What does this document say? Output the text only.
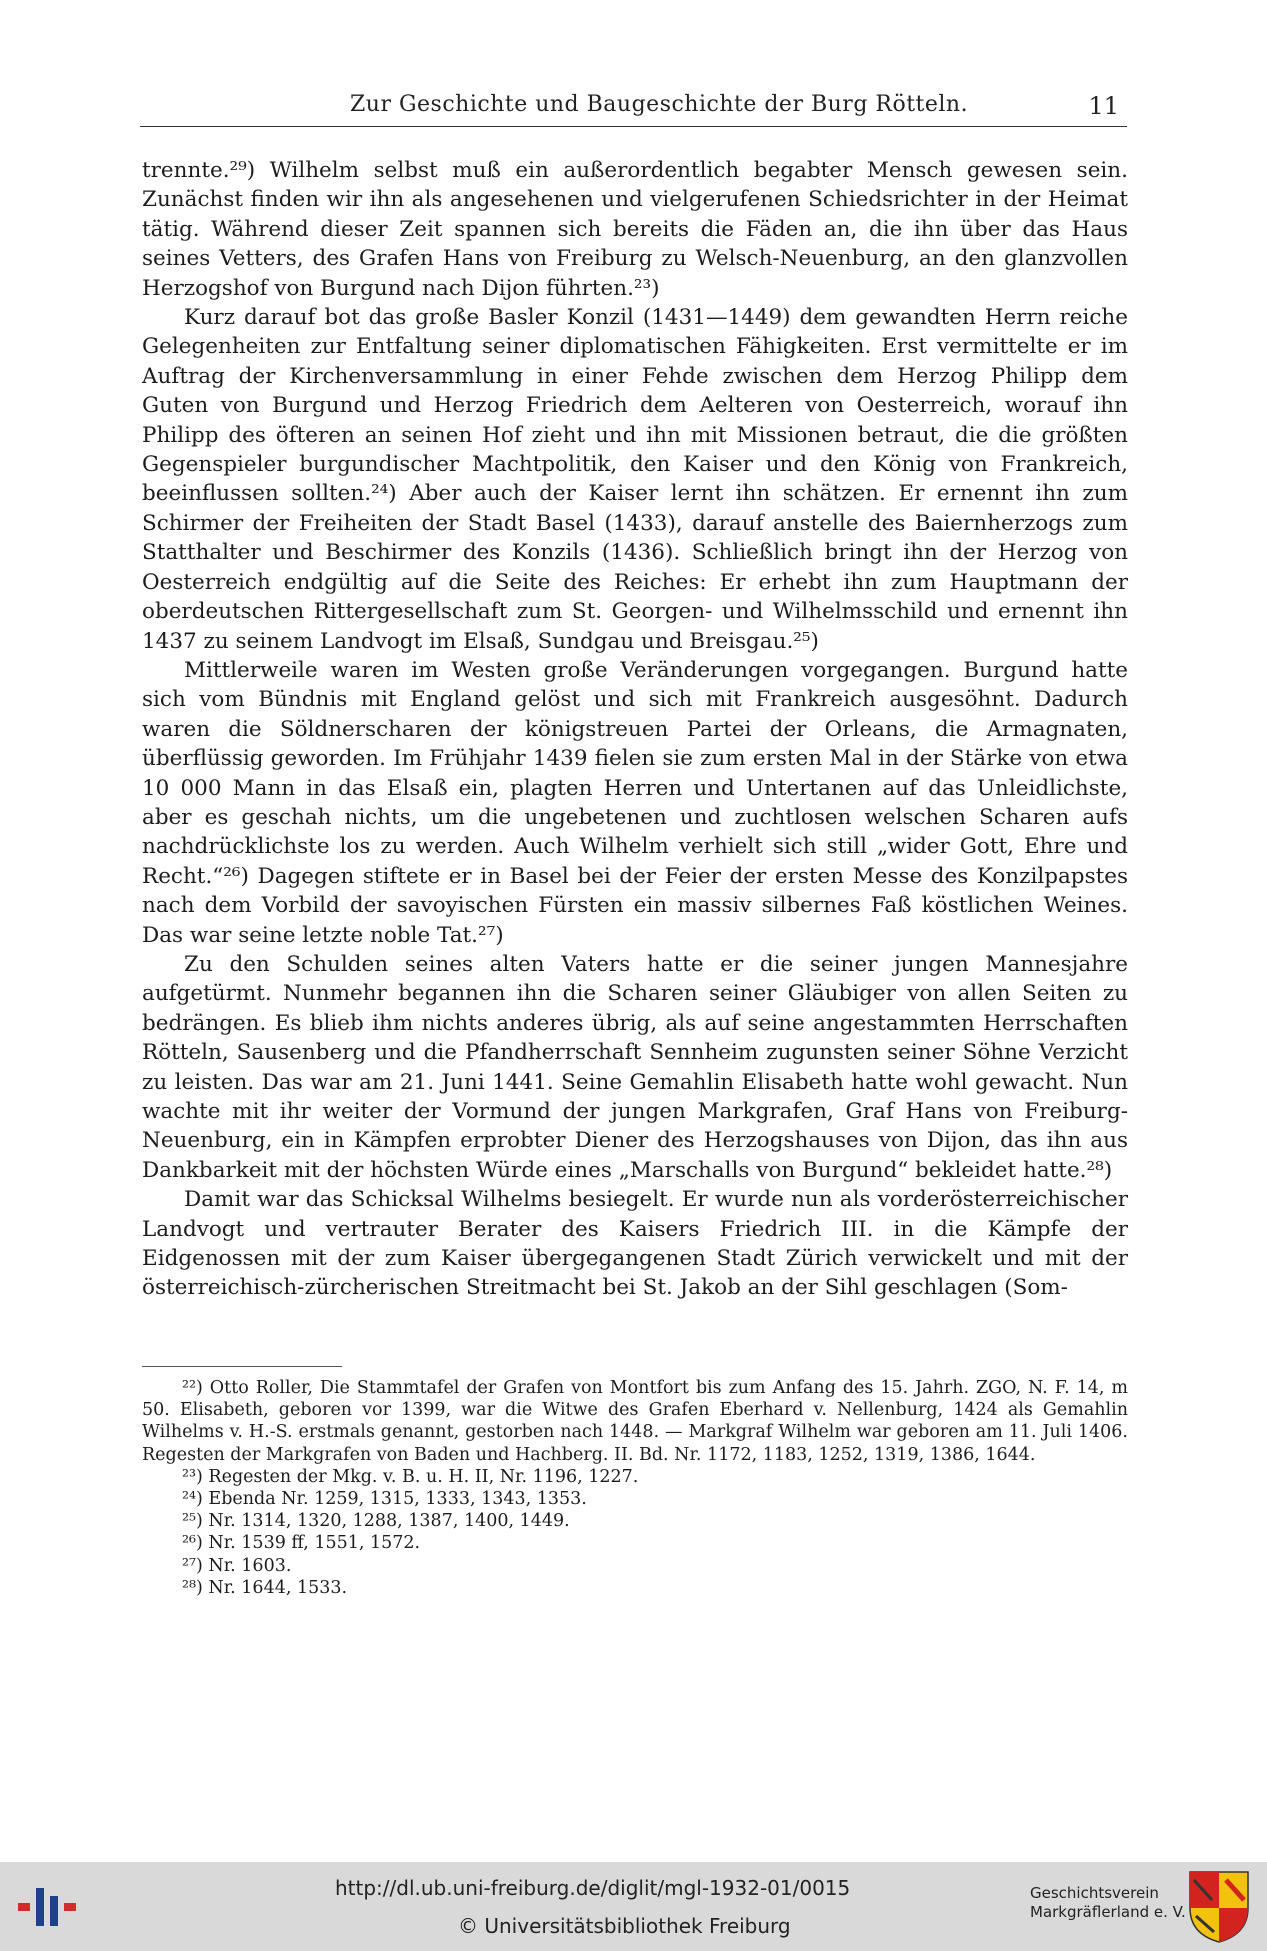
Zur Geschichte und Baugeschichte der Burg Rötteln.	11

trennte.²⁹) Wilhelm selbst muß ein außerordentlich begabter Mensch gewesen sein. Zunächst finden wir ihn als angesehenen und vielgerufenen Schiedsrichter in der Heimat tätig. Während dieser Zeit spannen sich bereits die Fäden an, die ihn über das Haus seines Vetters, des Grafen Hans von Freiburg zu Welsch-Neuenburg, an den glanzvollen Herzogshof von Burgund nach Dijon führten.²³)

Kurz darauf bot das große Basler Konzil (1431—1449) dem gewandten Herrn reiche Gelegenheiten zur Entfaltung seiner diplomatischen Fähigkeiten. Erst vermittelte er im Auftrag der Kirchenversammlung in einer Fehde zwischen dem Herzog Philipp dem Guten von Burgund und Herzog Friedrich dem Aelteren von Oesterreich, worauf ihn Philipp des öfteren an seinen Hof zieht und ihn mit Missionen betraut, die die größten Gegenspieler burgundischer Machtpolitik, den Kaiser und den König von Frankreich, beeinflussen sollten.²⁴) Aber auch der Kaiser lernt ihn schätzen. Er ernennt ihn zum Schirmer der Freiheiten der Stadt Basel (1433), darauf anstelle des Baiernherzogs zum Statthalter und Beschirmer des Konzils (1436). Schließlich bringt ihn der Herzog von Oesterreich endgültig auf die Seite des Reiches: Er erhebt ihn zum Hauptmann der oberdeutschen Rittergesellschaft zum St. Georgen- und Wilhelmsschild und ernennt ihn 1437 zu seinem Landvogt im Elsaß, Sundgau und Breisgau.²⁵)

Mittlerweile waren im Westen große Veränderungen vorgegangen. Burgund hatte sich vom Bündnis mit England gelöst und sich mit Frankreich ausgesöhnt. Dadurch waren die Söldnerscharen der königstreuen Partei der Orleans, die Armagnaten, überflüssig geworden. Im Frühjahr 1439 fielen sie zum ersten Mal in der Stärke von etwa 10 000 Mann in das Elsaß ein, plagten Herren und Untertanen auf das Unleidlichste, aber es geschah nichts, um die ungebetenen und zuchtlosen welschen Scharen aufs nachdrücklichste los zu werden. Auch Wilhelm verhielt sich still „wider Gott, Ehre und Recht.“²⁶) Dagegen stiftete er in Basel bei der Feier der ersten Messe des Konzilpapstes nach dem Vorbild der savoyischen Fürsten ein massiv silbernes Faß köstlichen Weines. Das war seine letzte noble Tat.²⁷)

Zu den Schulden seines alten Vaters hatte er die seiner jungen Mannesjahre aufgetürmt. Nunmehr begannen ihn die Scharen seiner Gläubiger von allen Seiten zu bedrängen. Es blieb ihm nichts anderes übrig, als auf seine angestammten Herrschaften Rötteln, Sausenberg und die Pfandherrschaft Sennheim zugunsten seiner Söhne Verzicht zu leisten. Das war am 21. Juni 1441. Seine Gemahlin Elisabeth hatte wohl gewacht. Nun wachte mit ihr weiter der Vormund der jungen Markgrafen, Graf Hans von Freiburg-Neuenburg, ein in Kämpfen erprobter Diener des Herzogshauses von Dijon, das ihn aus Dankbarkeit mit der höchsten Würde eines „Marschalls von Burgund“ bekleidet hatte.²⁸)

Damit war das Schicksal Wilhelms besiegelt. Er wurde nun als vorderösterreichischer Landvogt und vertrauter Berater des Kaisers Friedrich III. in die Kämpfe der Eidgenossen mit der zum Kaiser übergegangenen Stadt Zürich verwickelt und mit der österreichisch-zürcherischen Streitmacht bei St. Jakob an der Sihl geschlagen (Som-

²²) Otto Roller, Die Stammtafel der Grafen von Montfort bis zum Anfang des 15. Jahrh. ZGO, N. F. 14, m 50. Elisabeth, geboren vor 1399, war die Witwe des Grafen Eberhard v. Nellenburg, 1424 als Gemahlin Wilhelms v. H.-S. erstmals genannt, gestorben nach 1448. — Markgraf Wilhelm war geboren am 11. Juli 1406. Regesten der Markgrafen von Baden und Hachberg. II. Bd. Nr. 1172, 1183, 1252, 1319, 1386, 1644.

²³) Regesten der Mkg. v. B. u. H. II, Nr. 1196, 1227.

²⁴) Ebenda Nr. 1259, 1315, 1333, 1343, 1353.

²⁵) Nr. 1314, 1320, 1288, 1387, 1400, 1449.

²⁶) Nr. 1539 ff, 1551, 1572.

²⁷) Nr. 1603.

²⁸) Nr. 1644, 1533.

http://dl.ub.uni-freiburg.de/diglit/mgl-1932-01/0015
© Universitätsbibliothek Freiburg
Geschichtsverein
Markgräflerland e. V.
